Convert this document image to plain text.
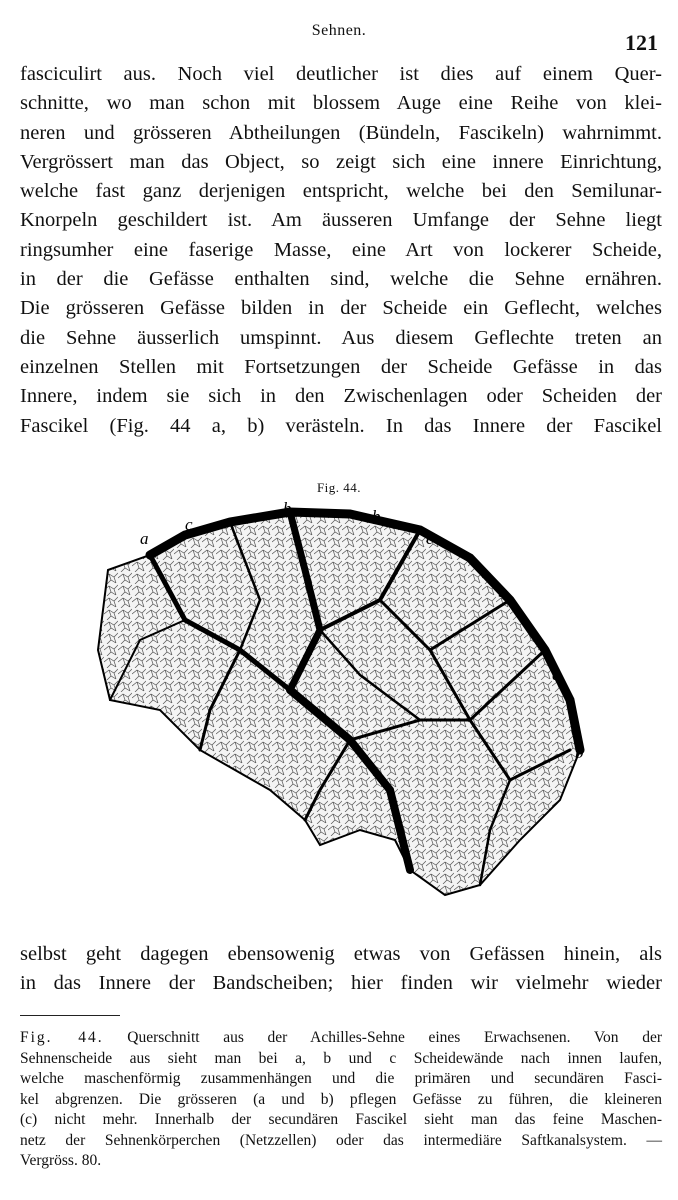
Sehnen.	121
fasciculirt aus. Noch viel deutlicher ist dies auf einem Quer-
schnitte, wo man schon mit blossem Auge eine Reihe von klei-
neren und grösseren Abtheilungen (Bündeln, Fascikeln) wahrnimmt.
Vergrössert man das Object, so zeigt sich eine innere Einrichtung,
welche fast ganz derjenigen entspricht, welche bei den Semilunar-
Knorpeln geschildert ist. Am äusseren Umfange der Sehne liegt
ringsumher eine faserige Masse, eine Art von lockerer Scheide,
in der die Gefässe enthalten sind, welche die Sehne ernähren.
Die grösseren Gefässe bilden in der Scheide ein Geflecht, welches
die Sehne äusserlich umspinnt. Aus diesem Geflechte treten an
einzelnen Stellen mit Fortsetzungen der Scheide Gefässe in das
Innere, indem sie sich in den Zwischenlagen oder Scheiden der
Fascikel (Fig. 44 a, b) verästeln. In das Innere der Fascikel
Fig. 44.
a
c
b	b
c
b
c
b
a
selbst geht dagegen ebensowenig etwas von Gefässen hinein, als
in das Innere der Bandscheiben; hier finden wir vielmehr wieder
Fig. 44. Querschnitt aus der Achilles-Sehne eines Erwachsenen. Von der
Sehnenscheide aus sieht man bei a, b und c Scheidewände nach innen laufen,
welche maschenförmig zusammenhängen und die primären und secundären Fasci-
kel abgrenzen. Die grösseren (a und b) pflegen Gefässe zu führen, die kleineren
(c) nicht mehr. Innerhalb der secundären Fascikel sieht man das feine Maschen-
netz der Sehnenkörperchen (Netzzellen) oder das intermediäre Saftkanalsystem. —
Vergröss. 80.
